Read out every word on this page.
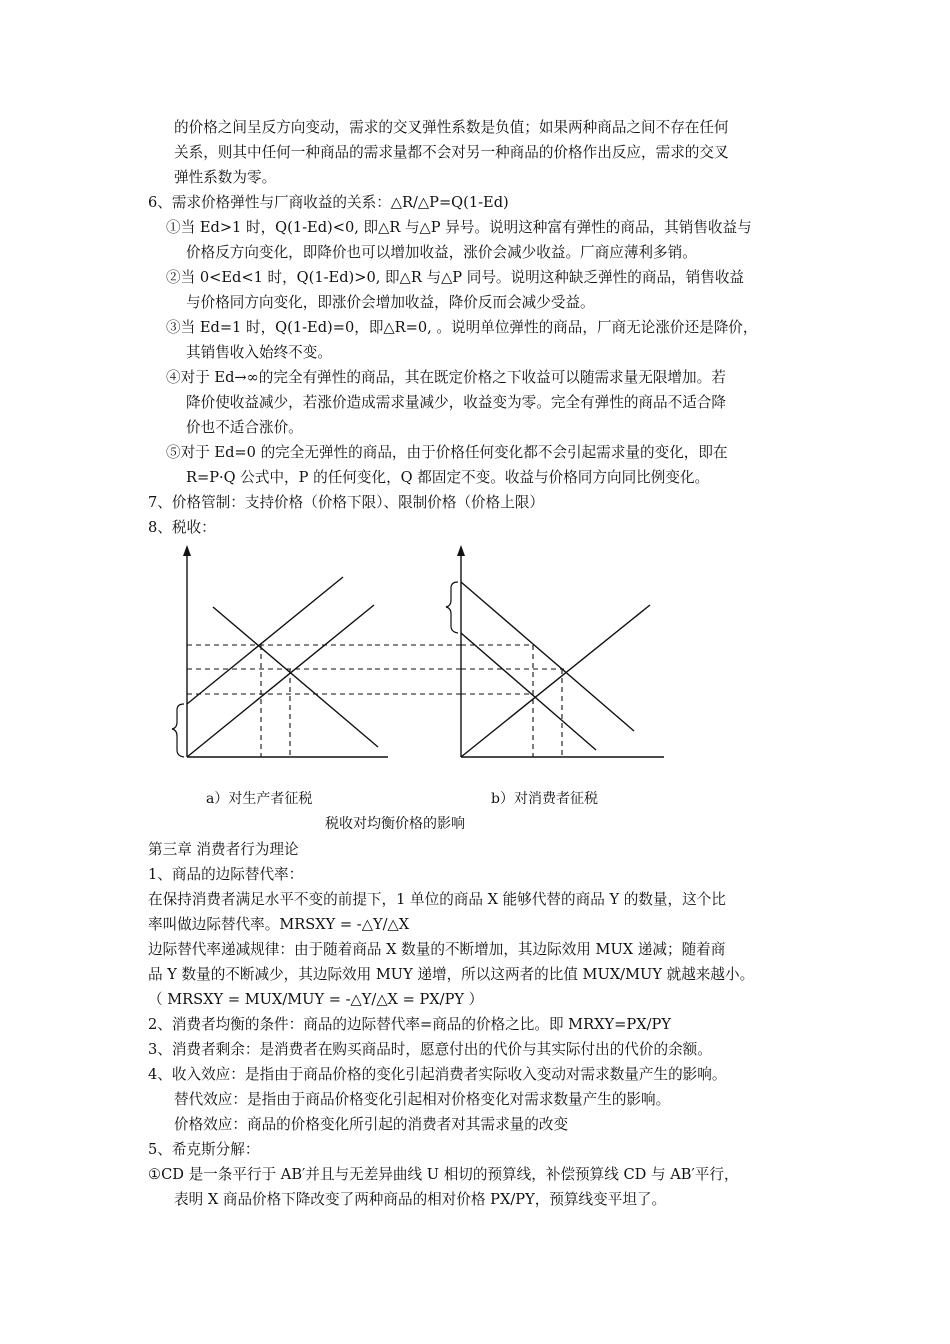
的价格之间呈反方向变动，需求的交叉弹性系数是负值；如果两种商品之间不存在任何
关系，则其中任何一种商品的需求量都不会对另一种商品的价格作出反应，需求的交叉
弹性系数为零。
6、需求价格弹性与厂商收益的关系：△R/△P=Q(1-Ed)
①当 Ed>1 时，Q(1-Ed)<0, 即△R 与△P 异号。说明这种富有弹性的商品，其销售收益与
价格反方向变化，即降价也可以增加收益，涨价会减少收益。厂商应薄利多销。
②当 0<Ed<1 时，Q(1-Ed)>0, 即△R 与△P 同号。说明这种缺乏弹性的商品，销售收益
与价格同方向变化，即涨价会增加收益，降价反而会减少受益。
③当 Ed=1 时，Q(1-Ed)=0，即△R=0, 。说明单位弹性的商品，厂商无论涨价还是降价，
其销售收入始终不变。
④对于 Ed→∞的完全有弹性的商品，其在既定价格之下收益可以随需求量无限增加。若
降价使收益减少，若涨价造成需求量减少，收益变为零。完全有弹性的商品不适合降
价也不适合涨价。
⑤对于 Ed=0 的完全无弹性的商品，由于价格任何变化都不会引起需求量的变化，即在
R=P·Q 公式中，P 的任何变化，Q 都固定不变。收益与价格同方向同比例变化。
7、价格管制：支持价格（价格下限）、限制价格（价格上限）
8、税收：
a）对生产者征税	b）对消费者征税
税收对均衡价格的影响
第三章 消费者行为理论
1、商品的边际替代率：
在保持消费者满足水平不变的前提下，1 单位的商品 X 能够代替的商品 Y 的数量，这个比
率叫做边际替代率。MRSXY = -△Y/△X
边际替代率递减规律：由于随着商品 X 数量的不断增加，其边际效用 MUX 递减；随着商
品 Y 数量的不断减少，其边际效用 MUY 递增，所以这两者的比值 MUX/MUY 就越来越小。
（ MRSXY = MUX/MUY = -△Y/△X = PX/PY ）
2、消费者均衡的条件：商品的边际替代率=商品的价格之比。即 MRXY=PX/PY
3、消费者剩余：是消费者在购买商品时，愿意付出的代价与其实际付出的代价的余额。
4、收入效应：是指由于商品价格的变化引起消费者实际收入变动对需求数量产生的影响。
替代效应：是指由于商品价格变化引起相对价格变化对需求数量产生的影响。
价格效应：商品的价格变化所引起的消费者对其需求量的改变
5、希克斯分解：
①CD 是一条平行于 AB′并且与无差异曲线 U 相切的预算线，补偿预算线 CD 与 AB′平行，
表明 X 商品价格下降改变了两种商品的相对价格 PX/PY，预算线变平坦了。
